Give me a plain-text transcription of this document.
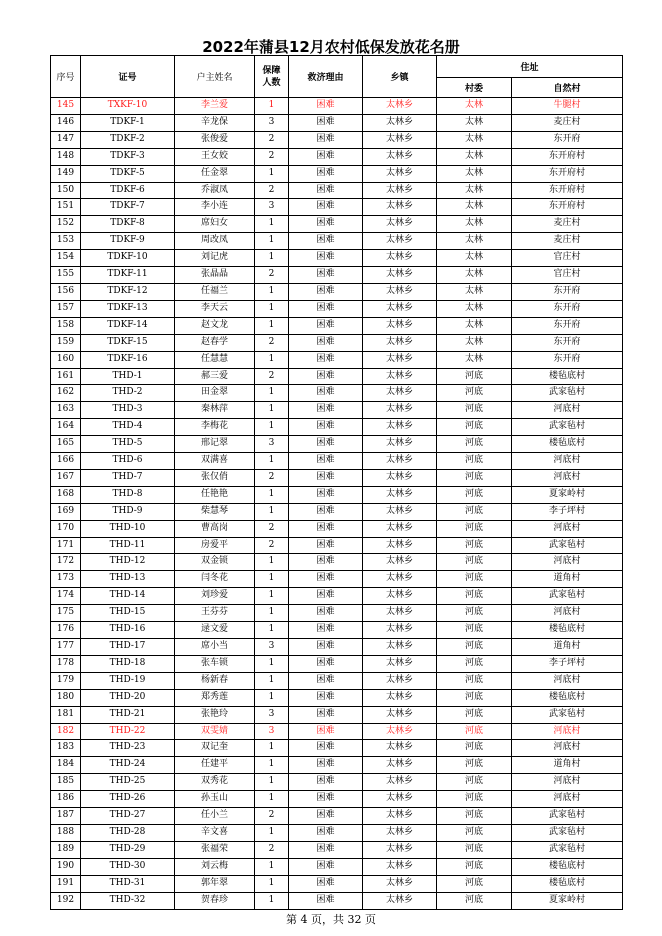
2022年蒲县12月农村低保发放花名册
序号	证号	户主姓名	保障人数	救济理由	乡镇	住址	
						村委	自然村
145	TXKF-10	李兰爱	1	困难	太林乡	太林	牛腿村
146	TDKF-1	辛龙保	3	困难	太林乡	太林	麦庄村
147	TDKF-2	张俊爱	2	困难	太林乡	太林	东开府
148	TDKF-3	王女姣	2	困难	太林乡	太林	东开府村
149	TDKF-5	任金翠	1	困难	太林乡	太林	东开府村
150	TDKF-6	乔淑凤	2	困难	太林乡	太林	东开府村
151	TDKF-7	李小连	3	困难	太林乡	太林	东开府村
152	TDKF-8	席妇女	1	困难	太林乡	太林	麦庄村
153	TDKF-9	周改凤	1	困难	太林乡	太林	麦庄村
154	TDKF-10	刘记虎	1	困难	太林乡	太林	官庄村
155	TDKF-11	张晶晶	2	困难	太林乡	太林	官庄村
156	TDKF-12	任福兰	1	困难	太林乡	太林	东开府
157	TDKF-13	李天云	1	困难	太林乡	太林	东开府
158	TDKF-14	赵文龙	1	困难	太林乡	太林	东开府
159	TDKF-15	赵春学	2	困难	太林乡	太林	东开府
160	TDKF-16	任慧慧	1	困难	太林乡	太林	东开府
161	THD-1	郝三爱	2	困难	太林乡	河底	楼毡底村
162	THD-2	田金翠	1	困难	太林乡	河底	武家毡村
163	THD-3	秦林萍	1	困难	太林乡	河底	河底村
164	THD-4	李梅花	1	困难	太林乡	河底	武家毡村
165	THD-5	邢记翠	3	困难	太林乡	河底	楼毡底村
166	THD-6	双满喜	1	困难	太林乡	河底	河底村
167	THD-7	张仅俏	2	困难	太林乡	河底	河底村
168	THD-8	任艳艳	1	困难	太林乡	河底	夏家岭村
169	THD-9	柴慧琴	1	困难	太林乡	河底	李子坪村
170	THD-10	曹高岗	2	困难	太林乡	河底	河底村
171	THD-11	房爱平	2	困难	太林乡	河底	武家毡村
172	THD-12	双金锁	1	困难	太林乡	河底	河底村
173	THD-13	闫冬花	1	困难	太林乡	河底	道角村
174	THD-14	刘珍爱	1	困难	太林乡	河底	武家毡村
175	THD-15	王芬芬	1	困难	太林乡	河底	河底村
176	THD-16	逯文爱	1	困难	太林乡	河底	楼毡底村
177	THD-17	席小当	3	困难	太林乡	河底	道角村
178	THD-18	张车锁	1	困难	太林乡	河底	李子坪村
179	THD-19	杨新春	1	困难	太林乡	河底	河底村
180	THD-20	郑秀莲	1	困难	太林乡	河底	楼毡底村
181	THD-21	张艳玲	3	困难	太林乡	河底	武家毡村
182	THD-22	双雯婧	3	困难	太林乡	河底	河底村
183	THD-23	双记奎	1	困难	太林乡	河底	河底村
184	THD-24	任建平	1	困难	太林乡	河底	道角村
185	THD-25	双秀花	1	困难	太林乡	河底	河底村
186	THD-26	孙玉山	1	困难	太林乡	河底	河底村
187	THD-27	任小兰	2	困难	太林乡	河底	武家毡村
188	THD-28	辛文喜	1	困难	太林乡	河底	武家毡村
189	THD-29	张福荣	2	困难	太林乡	河底	武家毡村
190	THD-30	刘云梅	1	困难	太林乡	河底	楼毡底村
191	THD-31	郭年翠	1	困难	太林乡	河底	楼毡底村
192	THD-32	贺春珍	1	困难	太林乡	河底	夏家岭村
第 4 页，共 32 页
